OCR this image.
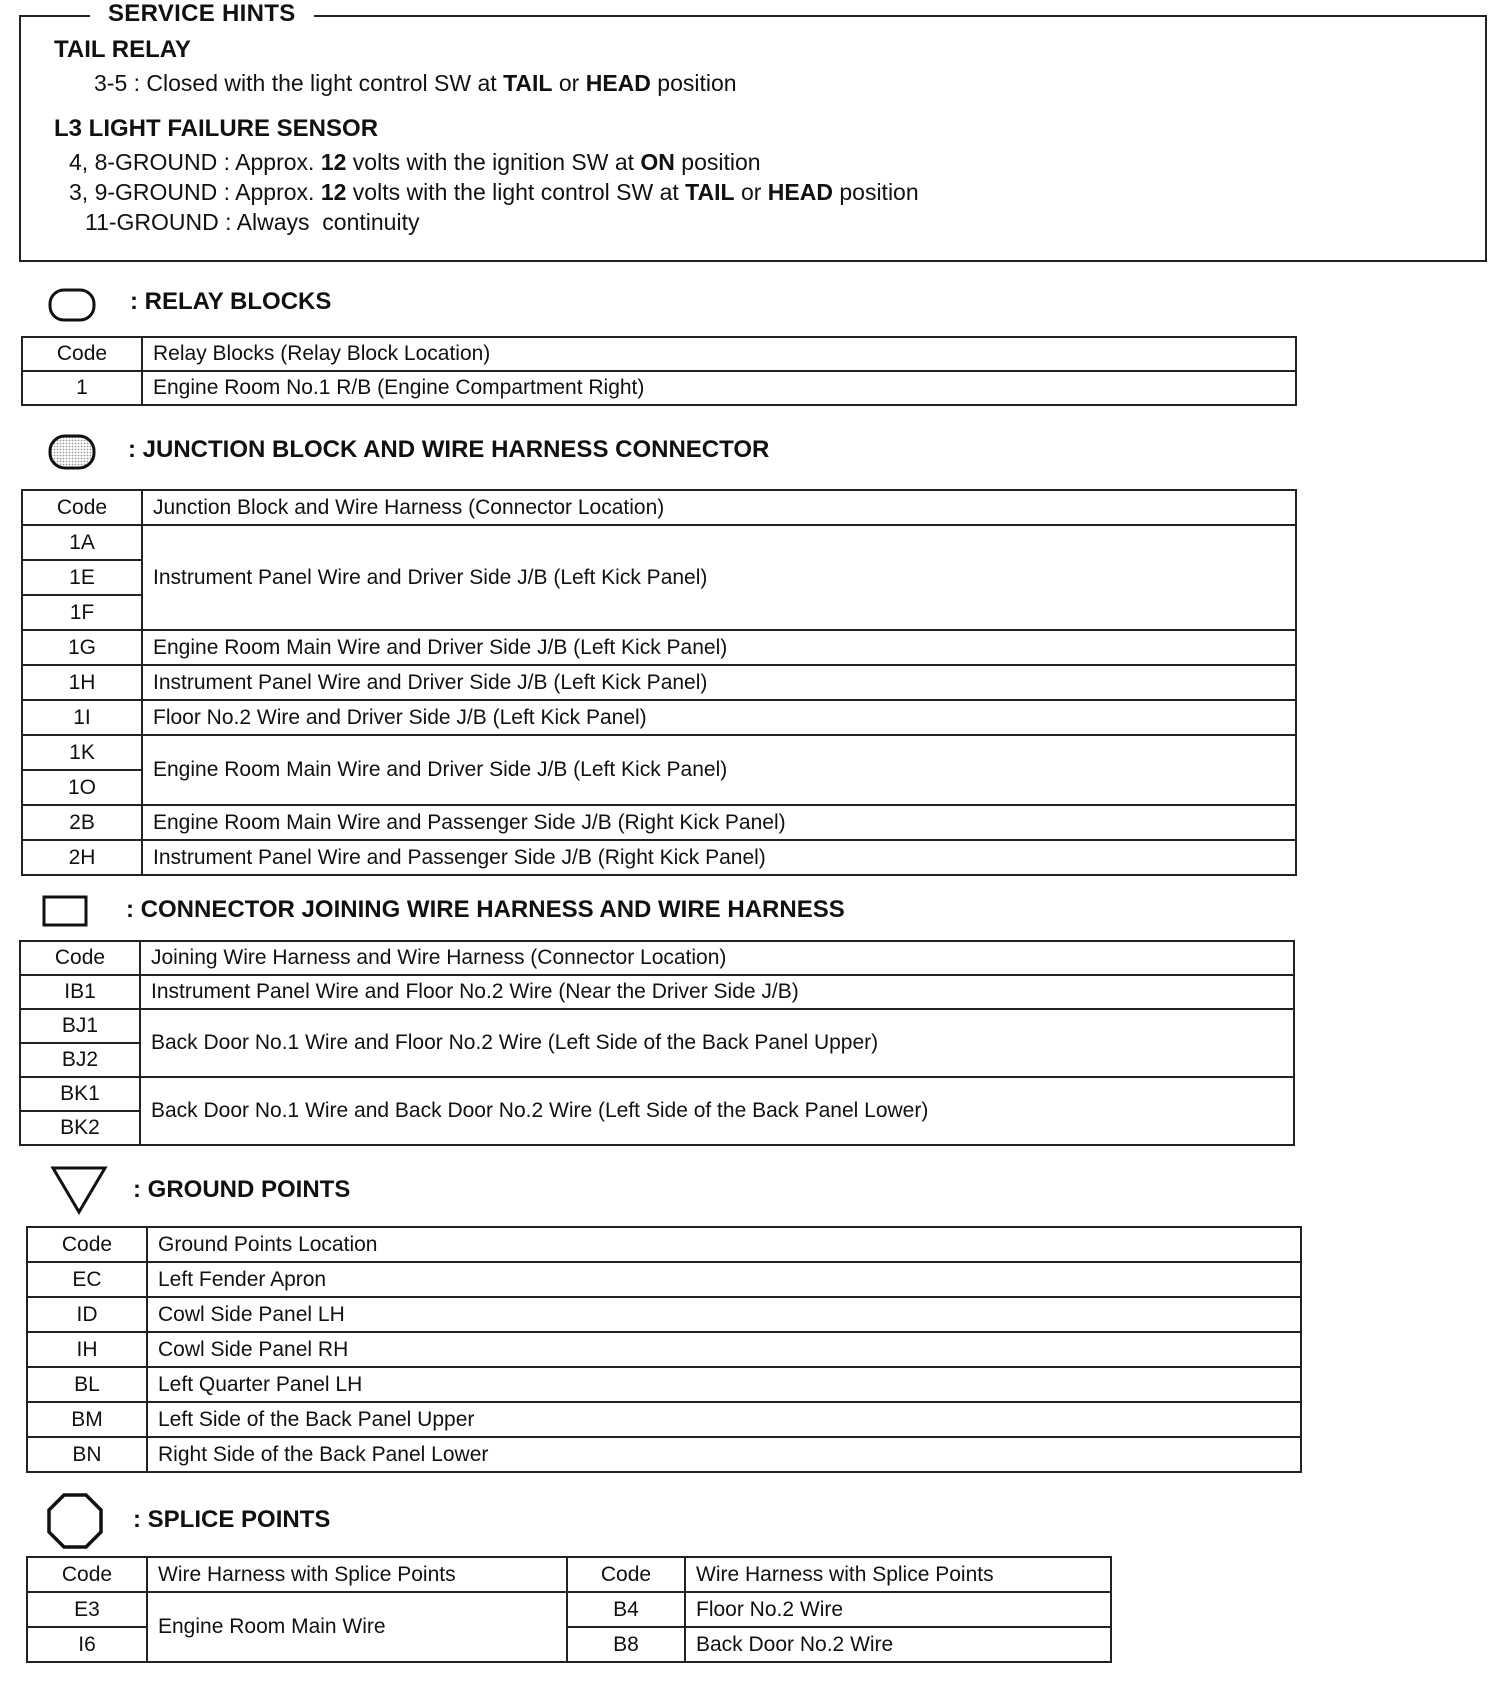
SERVICE HINTS
TAIL RELAY
3-5 : Closed with the light control SW at TAIL or HEAD position
L3 LIGHT FAILURE SENSOR
4, 8-GROUND : Approx. 12 volts with the ignition SW at ON position
3, 9-GROUND : Approx. 12 volts with the light control SW at TAIL or HEAD position
11-GROUND : Always  continuity
: RELAY BLOCKS
Code	Relay Blocks (Relay Block Location)
1	Engine Room No.1 R/B (Engine Compartment Right)
: JUNCTION BLOCK AND WIRE HARNESS CONNECTOR
Code	Junction Block and Wire Harness (Connector Location)
1A	Instrument Panel Wire and Driver Side J/B (Left Kick Panel)
1E	
1F	
1G	Engine Room Main Wire and Driver Side J/B (Left Kick Panel)
1H	Instrument Panel Wire and Driver Side J/B (Left Kick Panel)
1I	Floor No.2 Wire and Driver Side J/B (Left Kick Panel)
1K	Engine Room Main Wire and Driver Side J/B (Left Kick Panel)
1O	
2B	Engine Room Main Wire and Passenger Side J/B (Right Kick Panel)
2H	Instrument Panel Wire and Passenger Side J/B (Right Kick Panel)
: CONNECTOR JOINING WIRE HARNESS AND WIRE HARNESS
Code	Joining Wire Harness and Wire Harness (Connector Location)
IB1	Instrument Panel Wire and Floor No.2 Wire (Near the Driver Side J/B)
BJ1	Back Door No.1 Wire and Floor No.2 Wire (Left Side of the Back Panel Upper)
BJ2	
BK1	Back Door No.1 Wire and Back Door No.2 Wire (Left Side of the Back Panel Lower)
BK2	
: GROUND POINTS
Code	Ground Points Location
EC	Left Fender Apron
ID	Cowl Side Panel LH
IH	Cowl Side Panel RH
BL	Left Quarter Panel LH
BM	Left Side of the Back Panel Upper
BN	Right Side of the Back Panel Lower
: SPLICE POINTS
Code	Wire Harness with Splice Points	Code	Wire Harness with Splice Points
E3	Engine Room Main Wire	B4	Floor No.2 Wire
I6		B8	Back Door No.2 Wire
